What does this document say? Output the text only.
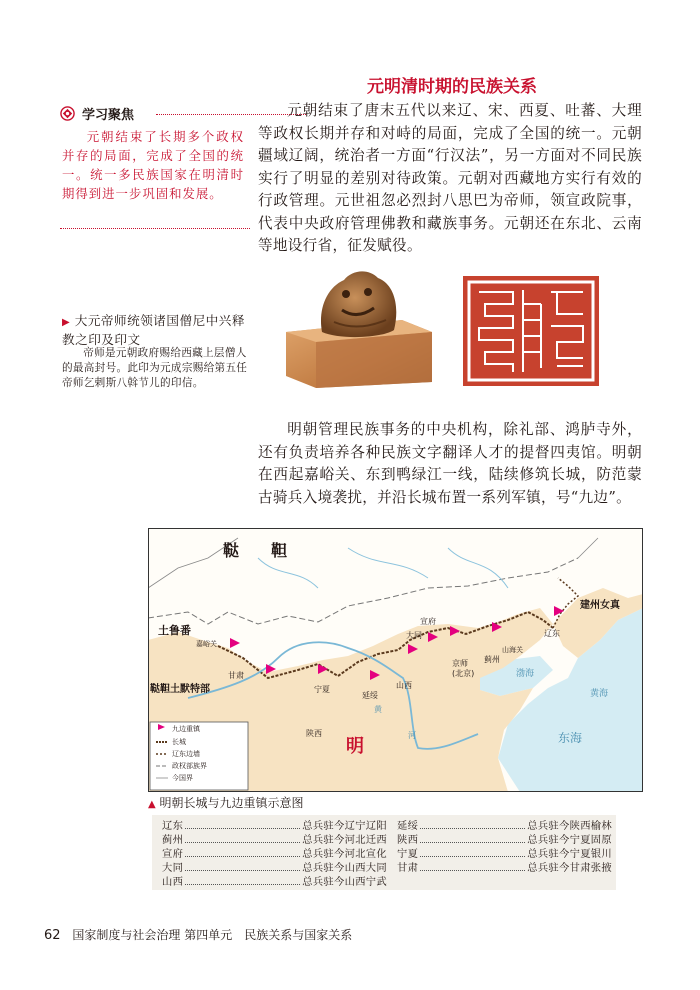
元明清时期的民族关系
学习聚焦

元朝结束了长期多个政权并存的局面，完成了全国的统一。统一多民族国家在明清时期得到进一步巩固和发展。

元朝结束了唐末五代以来辽、宋、西夏、吐蕃、大理等政权长期并存和对峙的局面，完成了全国的统一。元朝疆域辽阔，统治者一方面“行汉法”，另一方面对不同民族实行了明显的差别对待政策。元朝对西藏地方实行有效的行政管理。元世祖忽必烈封八思巴为帝师，领宣政院事，代表中央政府管理佛教和藏族事务。元朝还在东北、云南等地设行省，征发赋役。

▶ 大元帝师统领诸国僧尼中兴释教之印及印文

帝师是元朝政府赐给西藏上层僧人的最高封号。此印为元成宗赐给第五任帝师乞剌斯八斡节儿的印信。

明朝管理民族事务的中央机构，除礼部、鸿胪寺外，还有负责培养各种民族文字翻译人才的提督四夷馆。明朝在西起嘉峪关、东到鸭绿江一线，陆续修筑长城，防范蒙古骑兵入境袭扰，并沿长城布置一系列军镇，号“九边”。

鞑　　靼
建州女真
土鲁番
鞑靼土默特部
明
嘉峪关
甘肃
宁夏
陕西
延绥
山西
大同
宣府
京师
(北京)
蓟州
山海关
辽东
渤海
黄海
东海
黄
河
九边重镇
长城
辽东边墙
政权部族界
今国界
▲ 明朝长城与九边重镇示意图
辽东	总兵驻今辽宁辽阳
蓟州	总兵驻今河北迁西
宣府	总兵驻今河北宣化
大同	总兵驻今山西大同
山西	总兵驻今山西宁武
延绥	总兵驻今陕西榆林
陕西	总兵驻今宁夏固原
宁夏	总兵驻今宁夏银川
甘肃	总兵驻今甘肃张掖
62 国家制度与社会治理 第四单元　民族关系与国家关系
